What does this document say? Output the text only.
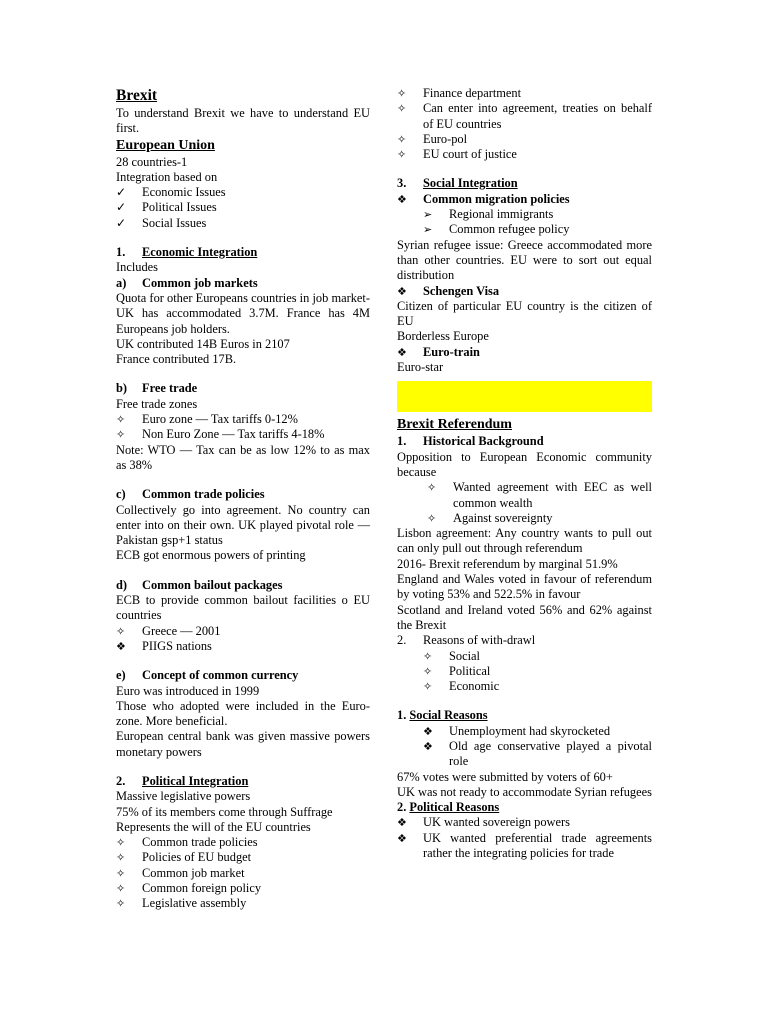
Brexit
To understand Brexit we have to understand EU first.
European Union
28 countries-1
Integration based on
✓	Economic Issues
✓	Political Issues
✓	Social Issues
1.	Economic Integration
Includes
a)	Common job markets
Quota for other Europeans countries in job market- UK has accommodated 3.7M. France has 4M Europeans job holders.
UK contributed 14B Euros in 2107
France contributed 17B.
b)	Free trade
Free trade zones
✧	Euro zone — Tax tariffs 0-12%
✧	Non Euro Zone — Tax tariffs 4-18%
Note: WTO — Tax can be as low 12% to as max as 38%
c)	Common trade policies
Collectively go into agreement. No country can enter into on their own. UK played pivotal role — Pakistan gsp+1 status
ECB got enormous powers of printing
d)	Common bailout packages
ECB to provide common bailout facilities o EU countries
✧	Greece — 2001
❖	PIIGS nations
e)	Concept of common currency
Euro was introduced in 1999
Those who adopted were included in the Euro-zone. More beneficial.
European central bank was given massive powers monetary powers
2.	Political Integration
Massive legislative powers
75% of its members come through Suffrage
Represents the will of the EU countries
✧	Common trade policies
✧	Policies of EU budget
✧	Common job market
✧	Common foreign policy
✧	Legislative assembly
✧	Finance department
✧	Can enter into agreement, treaties on behalf of EU countries
✧	Euro-pol
✧	EU court of justice
3.	Social Integration
❖	Common migration policies
➢	Regional immigrants
➢	Common refugee policy
Syrian refugee issue: Greece accommodated more than other countries. EU were to sort out equal distribution
❖	Schengen Visa
Citizen of particular EU country is the citizen of EU
Borderless Europe
❖	Euro-train
Euro-star
Brexit Referendum
1.	Historical Background
Opposition to European Economic community because
✧	Wanted agreement with EEC as well common wealth
✧	Against sovereignty
Lisbon agreement: Any country wants to pull out can only pull out through referendum
2016- Brexit referendum by marginal 51.9%
England and Wales voted in favour of referendum by voting 53% and 522.5% in favour
Scotland and Ireland voted 56% and 62% against the Brexit
2.	Reasons of with-drawl
✧	Social
✧	Political
✧	Economic
1. Social Reasons
❖	Unemployment had skyrocketed
❖	Old age conservative played a pivotal role
67% votes were submitted by voters of 60+
UK was not ready to accommodate Syrian refugees
2. Political Reasons
❖	UK wanted sovereign powers
❖	UK wanted preferential trade agreements rather the integrating policies for trade
